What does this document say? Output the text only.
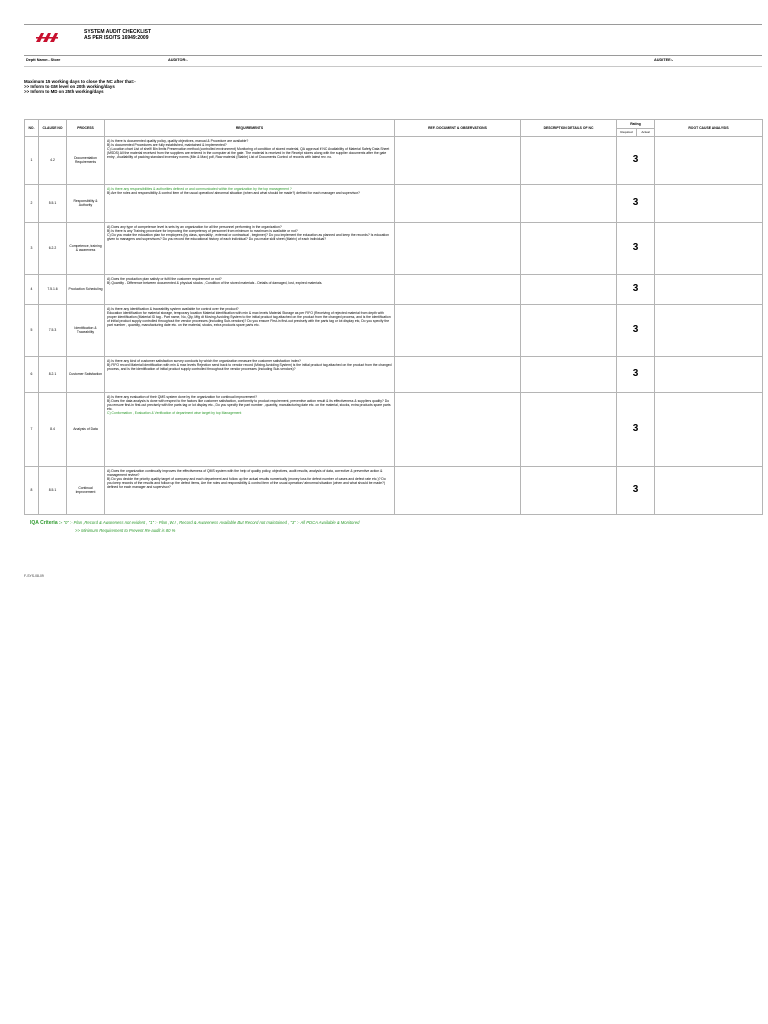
SYSTEM AUDIT CHECKLIST
AS PER ISO/TS 16949:2009
Deptt Name:- Store	AUDITOR:-	AUDITEE:-
Maximum 15 working days to close the NC after that:-
>> Inform to GM level on 20th working/days
>> Inform to MD on 25th working/days
NO.	CLAUSE NO	PROCESS	REQUIREMENTS	REF. DOCUMENT & OBSERVATIONS	DESCRIPTION DETAILS OF NC	Rating		ROOT CAUSE ANALYSIS
						Required	Actual	
1	4.2	Documentation Requirements	A) Is there is documented quality policy, quality objectives, manual & Procedure are available?
B) Is documented Procedures are fully established, maintained & implemented?
C) Location chart List of shelf/ Bin limits Preservation method (controlled environment) Monitoring of condition of stored material, QA approval if NC Availability of Material Safety Data Sheet (MSDS) All the material received from the suppliers are entered in the computer at the gate. The material is received in the Receipt stores along with the supplier documents after the gate entry , Availability of packing standard inventory norms (Min & Max) pdf, Raw material (Stable) List of Documents Control of records with latest rev. no.			3		
2	5.5.1	Responsibility & Authority	A) Is there any responsibilities & authorities defined or and communicated within the organization by the top management ?
B) Are the roles and responsibility & control item of the usual operation/ abnormal situation (when and what should be made?) defined for each manager and supervisor?			3		
3	6.2.2	Competence, training & awareness	A) Does any type of competence level is sets by an organization for all the personnel performing in the organization?
B) Is there is any Training procedure for improving the competency of personnel from minimum to maximum is available or not?
C) Do you make the education plan for employees (by class, speciality , external or contractual , beginner)? Do you implement the education as planned and keep the records? Is education given to managers and supervisors? Do you record the educational history of each individual? Do you make skill sheet (Matrix) of each individual?			3		
4	7.5.1.6	Production Scheduling	A) Does the production plan satisfy or fulfil the customer requirement or not?
B) Quantity - Difference between documented & physical stocks , Condition of the stored materials - Details of damaged, lost, expired materials.			3		
5	7.5.3	Identification & Traceability	A) Is there any identification & traceability system available for control over the product?
Education identification for material storage, temporary location Material identification with min & max levels Material Storage as per FIFO (Receiving of rejected material from depth with proper identification (Material ID tag - Part name, No, Qty, Mfg dt Moving Avoiding System to the initial product tag attached on the product from the changed process, and is the identification of initial product supply controlled throughout the vendor processes (including Sub-vendors)? Do you ensure First-in first-out precisely with the parts tag or lot display etc, Do you specify the part number , quantity, manufacturing date etc. on the material, stocks, extra products spare parts etc.			3		
6	8.2.1	Customer Satisfaction	A) Is there any kind of customer satisfaction survey conducts by which the organization measure the customer satisfaction index?
B) FIFO record Material identification with min & max levels Rejection send back to vendor record (Mixing Avoiding System) is the initial product tag attached on the product from the changed process, and is the identification of initial product supply controlled throughout the vendor processes (including Sub-vendors)?			3		
7	8.4	Analysis of Data	A) Is there any evaluation of their QMS system done by the organization for continual improvement?
B) Does the data analysis is done with respect to the factors like customer satisfaction, conformity to product requirement, preventive action result & its effectiveness & suppliers quality? Do you ensure first-in first-out precisely with the parts tag or lot display etc., Do you specify the part number , quantity, manufacturing date etc. on the material, stocks, extra products spare parts etc.
C) Conformation , Evaluation & Verification of department wise target by top Management			3		
8	8.5.1	Continual Improvement	A) Does the organization continually improves the effectiveness of QMS system with the help of quality policy, objectives, audit results, analysis of data, corrective & preventive action & management review?
B) Do you decide the priority quality target of company and each department and follow up the actual results numerically (money loss for defect number of cases and defect rate etc.)? Do you keep records of the results and follow up the defect items, Are the roles and responsibility & control item of the usual operation/ abnormal situation (when and what should be made?) defined for each manager and supervisor?			3		
IQA Criteria :- "0" :- Plan ,Record & Awareness not evident , "1" :- Plan ,W.I , Record & Awareness Available But Record not maintained , "3" :- All PDCA Available & Monitored
>> Minimum Requirement to Prevent Re-audit is 80 %
F-SYS-08-09
